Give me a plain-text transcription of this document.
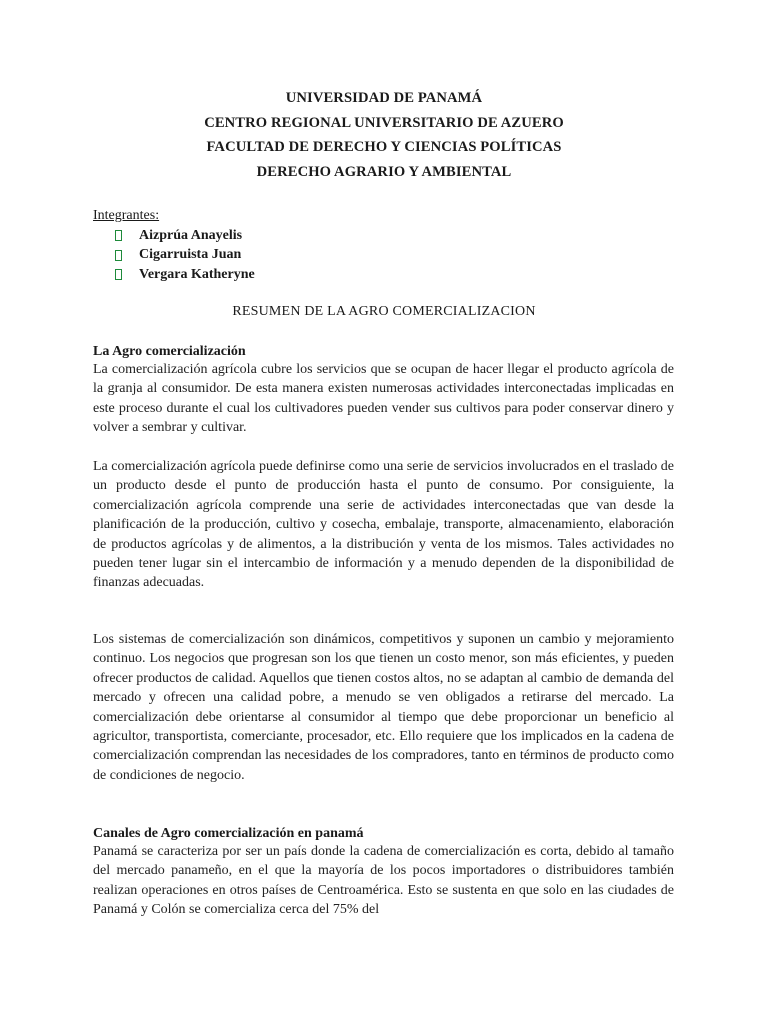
UNIVERSIDAD DE PANAMÁ
CENTRO REGIONAL UNIVERSITARIO DE AZUERO
FACULTAD DE DERECHO Y CIENCIAS POLÍTICAS
DERECHO AGRARIO Y AMBIENTAL
Integrantes:
Aizprúa Anayelis
Cigarruista Juan
Vergara Katheryne
RESUMEN DE LA AGRO COMERCIALIZACION
La Agro comercialización

La comercialización agrícola cubre los servicios que se ocupan de hacer llegar el producto agrícola de la granja al consumidor. De esta manera existen numerosas actividades interconectadas implicadas en este proceso durante el cual los cultivadores pueden vender sus cultivos para poder conservar dinero y volver a sembrar y cultivar.

La comercialización agrícola puede definirse como una serie de servicios involucrados en el traslado de un producto desde el punto de producción hasta el punto de consumo. Por consiguiente, la comercialización agrícola comprende una serie de actividades interconectadas que van desde la planificación de la producción, cultivo y cosecha, embalaje, transporte, almacenamiento, elaboración de productos agrícolas y de alimentos, a la distribución y venta de los mismos. Tales actividades no pueden tener lugar sin el intercambio de información y a menudo dependen de la disponibilidad de finanzas adecuadas.

Los sistemas de comercialización son dinámicos, competitivos y suponen un cambio y mejoramiento continuo. Los negocios que progresan son los que tienen un costo menor, son más eficientes, y pueden ofrecer productos de calidad. Aquellos que tienen costos altos, no se adaptan al cambio de demanda del mercado y ofrecen una calidad pobre, a menudo se ven obligados a retirarse del mercado. La comercialización debe orientarse al consumidor al tiempo que debe proporcionar un beneficio al agricultor, transportista, comerciante, procesador, etc. Ello requiere que los implicados en la cadena de comercialización comprendan las necesidades de los compradores, tanto en términos de producto como de condiciones de negocio.

Canales de Agro comercialización en panamá

Panamá se caracteriza por ser un país donde la cadena de comercialización es corta, debido al tamaño del mercado panameño, en el que la mayoría de los pocos importadores o distribuidores también realizan operaciones en otros países de Centroamérica. Esto se sustenta en que solo en las ciudades de Panamá y Colón se comercializa cerca del 75% del
